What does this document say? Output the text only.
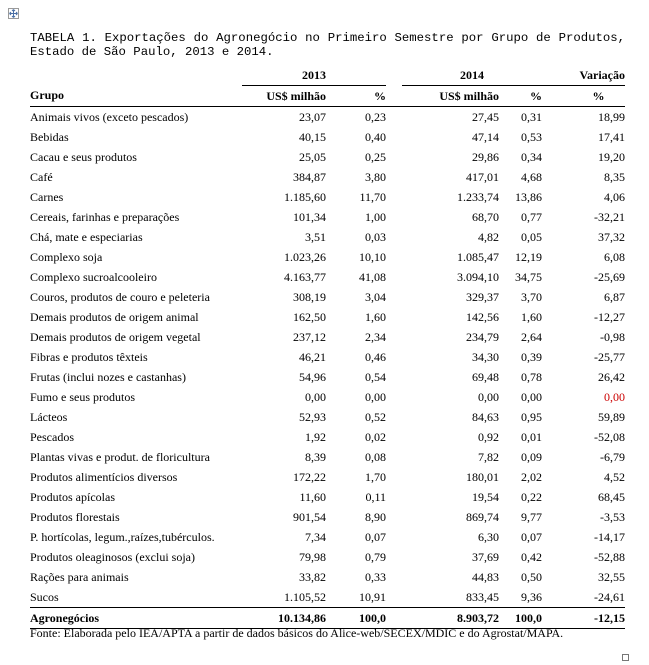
TABELA 1. Exportações do Agronegócio no Primeiro Semestre por Grupo de Produtos, Estado de São Paulo, 2013 e 2014.
	2013			2014		Variação
Grupo	US$ milhão	%		US$ milhão	%	%
Animais vivos (exceto pescados)	23,07	0,23		27,45	0,31	18,99
Bebidas	40,15	0,40		47,14	0,53	17,41
Cacau e seus produtos	25,05	0,25		29,86	0,34	19,20
Café	384,87	3,80		417,01	4,68	8,35
Carnes	1.185,60	11,70		1.233,74	13,86	4,06
Cereais, farinhas e preparações	101,34	1,00		68,70	0,77	-32,21
Chá, mate e especiarias	3,51	0,03		4,82	0,05	37,32
Complexo soja	1.023,26	10,10		1.085,47	12,19	6,08
Complexo sucroalcooleiro	4.163,77	41,08		3.094,10	34,75	-25,69
Couros, produtos de couro e peleteria	308,19	3,04		329,37	3,70	6,87
Demais produtos de origem animal	162,50	1,60		142,56	1,60	-12,27
Demais produtos de origem vegetal	237,12	2,34		234,79	2,64	-0,98
Fibras e produtos têxteis	46,21	0,46		34,30	0,39	-25,77
Frutas (inclui nozes e castanhas)	54,96	0,54		69,48	0,78	26,42
Fumo e seus produtos	0,00	0,00		0,00	0,00	0,00
Lácteos	52,93	0,52		84,63	0,95	59,89
Pescados	1,92	0,02		0,92	0,01	-52,08
Plantas vivas e produt. de floricultura	8,39	0,08		7,82	0,09	-6,79
Produtos alimentícios diversos	172,22	1,70		180,01	2,02	4,52
Produtos apícolas	11,60	0,11		19,54	0,22	68,45
Produtos florestais	901,54	8,90		869,74	9,77	-3,53
P. hortícolas, legum.,raízes,tubérculos.	7,34	0,07		6,30	0,07	-14,17
Produtos oleaginosos (exclui soja)	79,98	0,79		37,69	0,42	-52,88
Rações para animais	33,82	0,33		44,83	0,50	32,55
Sucos	1.105,52	10,91		833,45	9,36	-24,61
Agronegócios	10.134,86	100,0		8.903,72	100,0	-12,15
Fonte: Elaborada pelo IEA/APTA a partir de dados básicos do Alice-web/SECEX/MDIC e do Agrostat/MAPA.
